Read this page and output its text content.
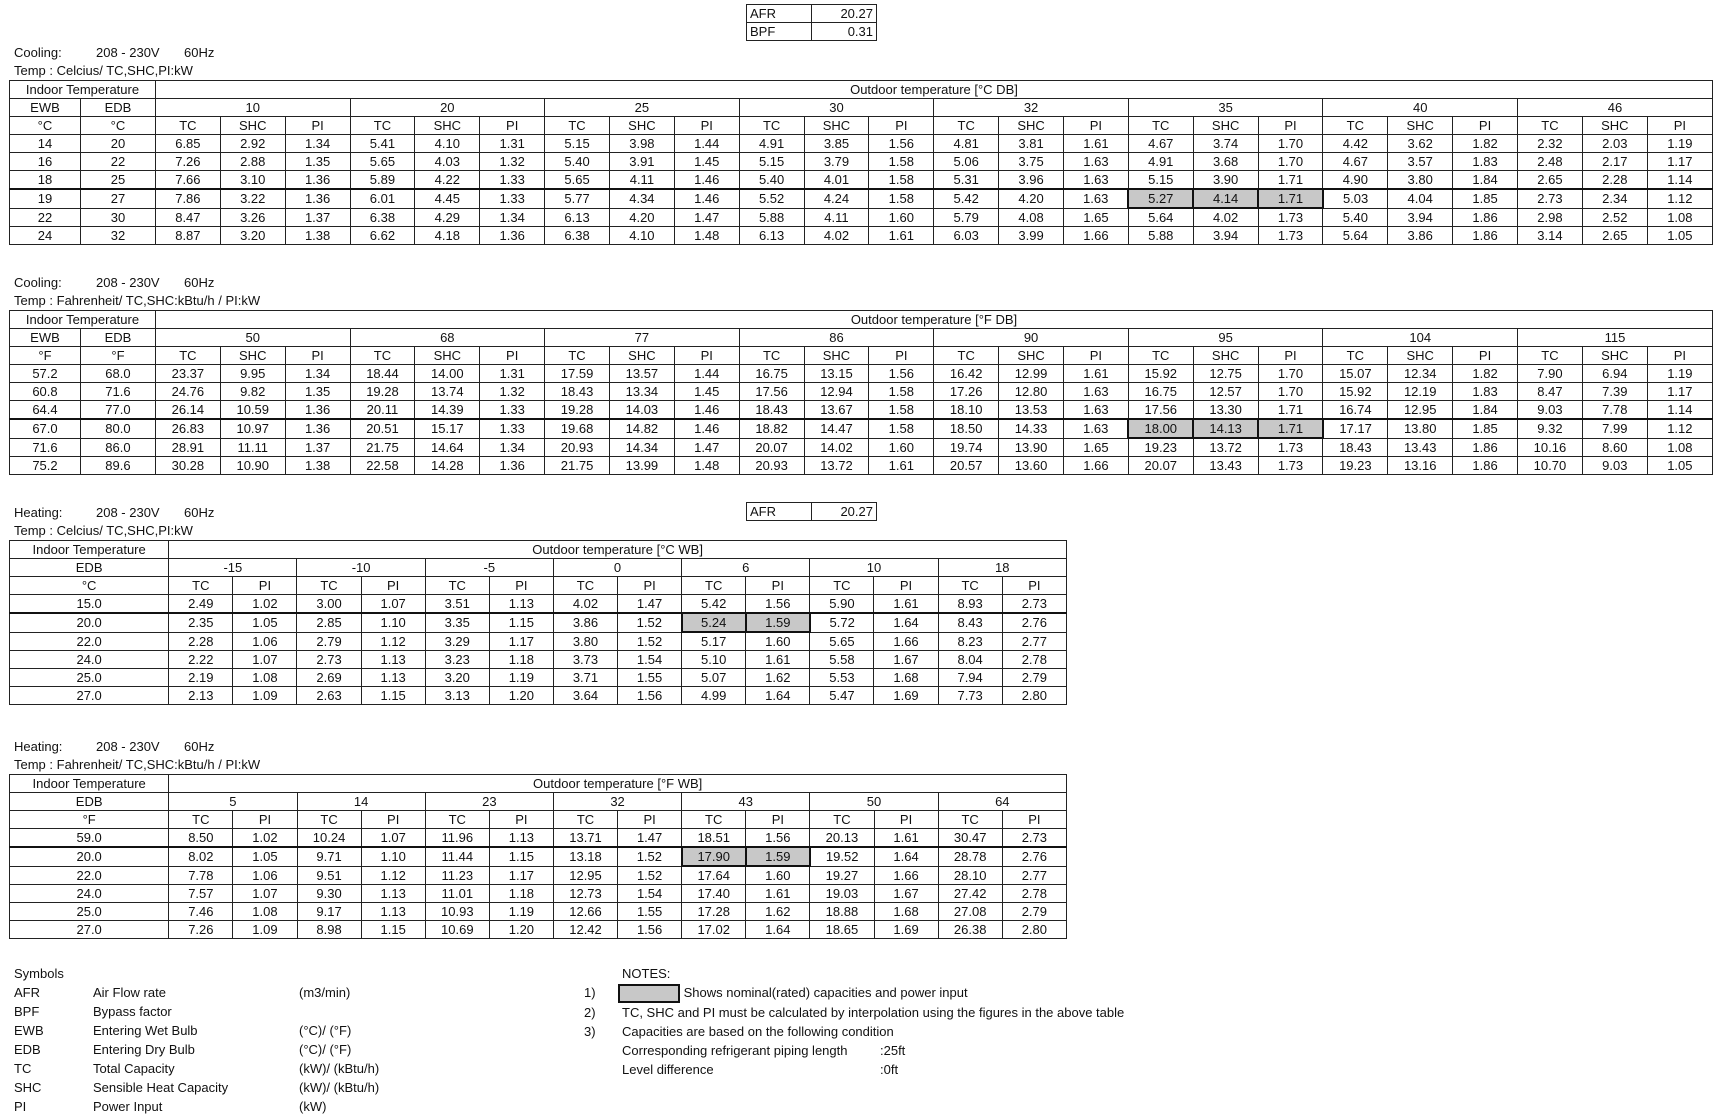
AFR	20.27
BPF	0.31
Cooling:	208 - 230V 60Hz
Temp : Celcius/ TC,SHC,PI:kW
Indoor Temperature		Outdoor temperature [°C DB]																							
EWB	EDB	10			20			25			30			32			35			40			46		
°C	°C	TC	SHC	PI	TC	SHC	PI	TC	SHC	PI	TC	SHC	PI	TC	SHC	PI	TC	SHC	PI	TC	SHC	PI	TC	SHC	PI
14	20	6.85	2.92	1.34	5.41	4.10	1.31	5.15	3.98	1.44	4.91	3.85	1.56	4.81	3.81	1.61	4.67	3.74	1.70	4.42	3.62	1.82	2.32	2.03	1.19
16	22	7.26	2.88	1.35	5.65	4.03	1.32	5.40	3.91	1.45	5.15	3.79	1.58	5.06	3.75	1.63	4.91	3.68	1.70	4.67	3.57	1.83	2.48	2.17	1.17
18	25	7.66	3.10	1.36	5.89	4.22	1.33	5.65	4.11	1.46	5.40	4.01	1.58	5.31	3.96	1.63	5.15	3.90	1.71	4.90	3.80	1.84	2.65	2.28	1.14
19	27	7.86	3.22	1.36	6.01	4.45	1.33	5.77	4.34	1.46	5.52	4.24	1.58	5.42	4.20	1.63	5.27	4.14	1.71	5.03	4.04	1.85	2.73	2.34	1.12
22	30	8.47	3.26	1.37	6.38	4.29	1.34	6.13	4.20	1.47	5.88	4.11	1.60	5.79	4.08	1.65	5.64	4.02	1.73	5.40	3.94	1.86	2.98	2.52	1.08
24	32	8.87	3.20	1.38	6.62	4.18	1.36	6.38	4.10	1.48	6.13	4.02	1.61	6.03	3.99	1.66	5.88	3.94	1.73	5.64	3.86	1.86	3.14	2.65	1.05
Cooling:	208 - 230V 60Hz
Temp : Fahrenheit/ TC,SHC:kBtu/h / PI:kW
Indoor Temperature		Outdoor temperature [°F DB]																							
EWB	EDB	50			68			77			86			90			95			104			115		
°F	°F	TC	SHC	PI	TC	SHC	PI	TC	SHC	PI	TC	SHC	PI	TC	SHC	PI	TC	SHC	PI	TC	SHC	PI	TC	SHC	PI
57.2	68.0	23.37	9.95	1.34	18.44	14.00	1.31	17.59	13.57	1.44	16.75	13.15	1.56	16.42	12.99	1.61	15.92	12.75	1.70	15.07	12.34	1.82	7.90	6.94	1.19
60.8	71.6	24.76	9.82	1.35	19.28	13.74	1.32	18.43	13.34	1.45	17.56	12.94	1.58	17.26	12.80	1.63	16.75	12.57	1.70	15.92	12.19	1.83	8.47	7.39	1.17
64.4	77.0	26.14	10.59	1.36	20.11	14.39	1.33	19.28	14.03	1.46	18.43	13.67	1.58	18.10	13.53	1.63	17.56	13.30	1.71	16.74	12.95	1.84	9.03	7.78	1.14
67.0	80.0	26.83	10.97	1.36	20.51	15.17	1.33	19.68	14.82	1.46	18.82	14.47	1.58	18.50	14.33	1.63	18.00	14.13	1.71	17.17	13.80	1.85	9.32	7.99	1.12
71.6	86.0	28.91	11.11	1.37	21.75	14.64	1.34	20.93	14.34	1.47	20.07	14.02	1.60	19.74	13.90	1.65	19.23	13.72	1.73	18.43	13.43	1.86	10.16	8.60	1.08
75.2	89.6	30.28	10.90	1.38	22.58	14.28	1.36	21.75	13.99	1.48	20.93	13.72	1.61	20.57	13.60	1.66	20.07	13.43	1.73	19.23	13.16	1.86	10.70	9.03	1.05
Heating:	208 - 230V 60Hz	AFR	20.27
Temp : Celcius/ TC,SHC,PI:kW
Indoor Temperature	Outdoor temperature [°C WB]													
EDB	-15		-10		-5		0		6		10		18	
°C	TC	PI	TC	PI	TC	PI	TC	PI	TC	PI	TC	PI	TC	PI
15.0	2.49	1.02	3.00	1.07	3.51	1.13	4.02	1.47	5.42	1.56	5.90	1.61	8.93	2.73
20.0	2.35	1.05	2.85	1.10	3.35	1.15	3.86	1.52	5.24	1.59	5.72	1.64	8.43	2.76
22.0	2.28	1.06	2.79	1.12	3.29	1.17	3.80	1.52	5.17	1.60	5.65	1.66	8.23	2.77
24.0	2.22	1.07	2.73	1.13	3.23	1.18	3.73	1.54	5.10	1.61	5.58	1.67	8.04	2.78
25.0	2.19	1.08	2.69	1.13	3.20	1.19	3.71	1.55	5.07	1.62	5.53	1.68	7.94	2.79
27.0	2.13	1.09	2.63	1.15	3.13	1.20	3.64	1.56	4.99	1.64	5.47	1.69	7.73	2.80
Heating:	208 - 230V 60Hz
Temp : Fahrenheit/ TC,SHC:kBtu/h / PI:kW
Indoor Temperature	Outdoor temperature [°F WB]													
EDB	5		14		23		32		43		50		64	
°F	TC	PI	TC	PI	TC	PI	TC	PI	TC	PI	TC	PI	TC	PI
59.0	8.50	1.02	10.24	1.07	11.96	1.13	13.71	1.47	18.51	1.56	20.13	1.61	30.47	2.73
20.0	8.02	1.05	9.71	1.10	11.44	1.15	13.18	1.52	17.90	1.59	19.52	1.64	28.78	2.76
22.0	7.78	1.06	9.51	1.12	11.23	1.17	12.95	1.52	17.64	1.60	19.27	1.66	28.10	2.77
24.0	7.57	1.07	9.30	1.13	11.01	1.18	12.73	1.54	17.40	1.61	19.03	1.67	27.42	2.78
25.0	7.46	1.08	9.17	1.13	10.93	1.19	12.66	1.55	17.28	1.62	18.88	1.68	27.08	2.79
27.0	7.26	1.09	8.98	1.15	10.69	1.20	12.42	1.56	17.02	1.64	18.65	1.69	26.38	2.80
Symbols
AFR	Air Flow rate	(m3/min)
BPF	Bypass factor
EWB	Entering Wet Bulb	(°C)/ (°F)
EDB	Entering Dry Bulb	(°C)/ (°F)
TC	Total Capacity	(kW)/ (kBtu/h)
SHC	Sensible Heat Capacity	(kW)/ (kBtu/h)
PI	Power Input	(kW)
NOTES:
1)	Shows nominal(rated) capacities and power input
2) TC, SHC and PI must be calculated by interpolation using the figures in the above table
3) Capacities are based on the following condition
Corresponding refrigerant piping length	:25ft
Level difference	:0ft
